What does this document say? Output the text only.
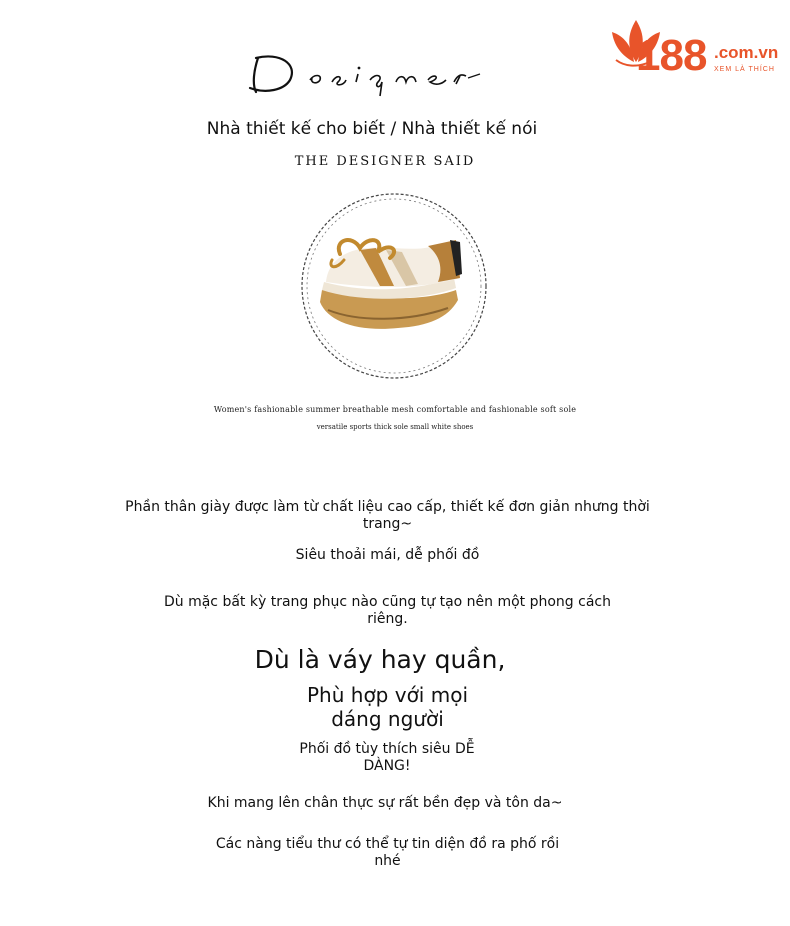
188 .com.vn
XEM LÀ THÍCH
Nhà thiết kế cho biết / Nhà thiết kế nói
THE DESIGNER SAID
Women's fashionable summer breathable mesh comfortable and fashionable soft sole
versatile sports thick sole small white shoes
Phần thân giày được làm từ chất liệu cao cấp, thiết kế đơn giản nhưng thời trang~
Siêu thoải mái, dễ phối đồ
Dù mặc bất kỳ trang phục nào cũng tự tạo nên một phong cách riêng.
Dù là váy hay quần,
Phù hợp với mọi dáng người
Phối đồ tùy thích siêu DỄ DÀNG!
Khi mang lên chân thực sự rất bền đẹp và tôn da~
Các nàng tiểu thư có thể tự tin diện đồ ra phố rồi nhé
